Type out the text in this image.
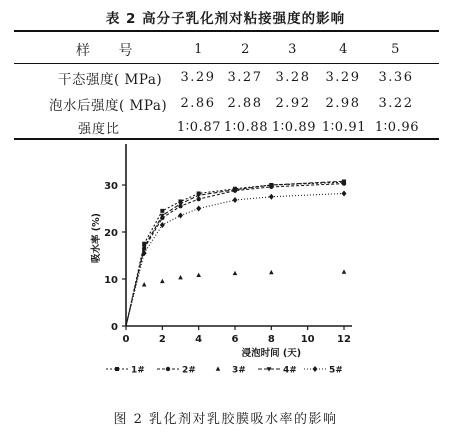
表 2 高分子乳化剂对粘接强度的影响
样 号	1	2	3	4	5
干态强度( MPa)	3.29 3.27	3.28	3.29	3.36
泡水后强度( MPa)	2.86 2.88	2.92	2.98	3.22
强度比	1∶0.87 1∶0.88 1∶0.89 1∶0.91 1∶0.96
0	2	4	6	8	10 12
0
10
20
30
吸水率 (%)
浸泡时间 (天)
1#	2#	3#	4#	5#
图 2 乳化剂对乳胶膜吸水率的影响
